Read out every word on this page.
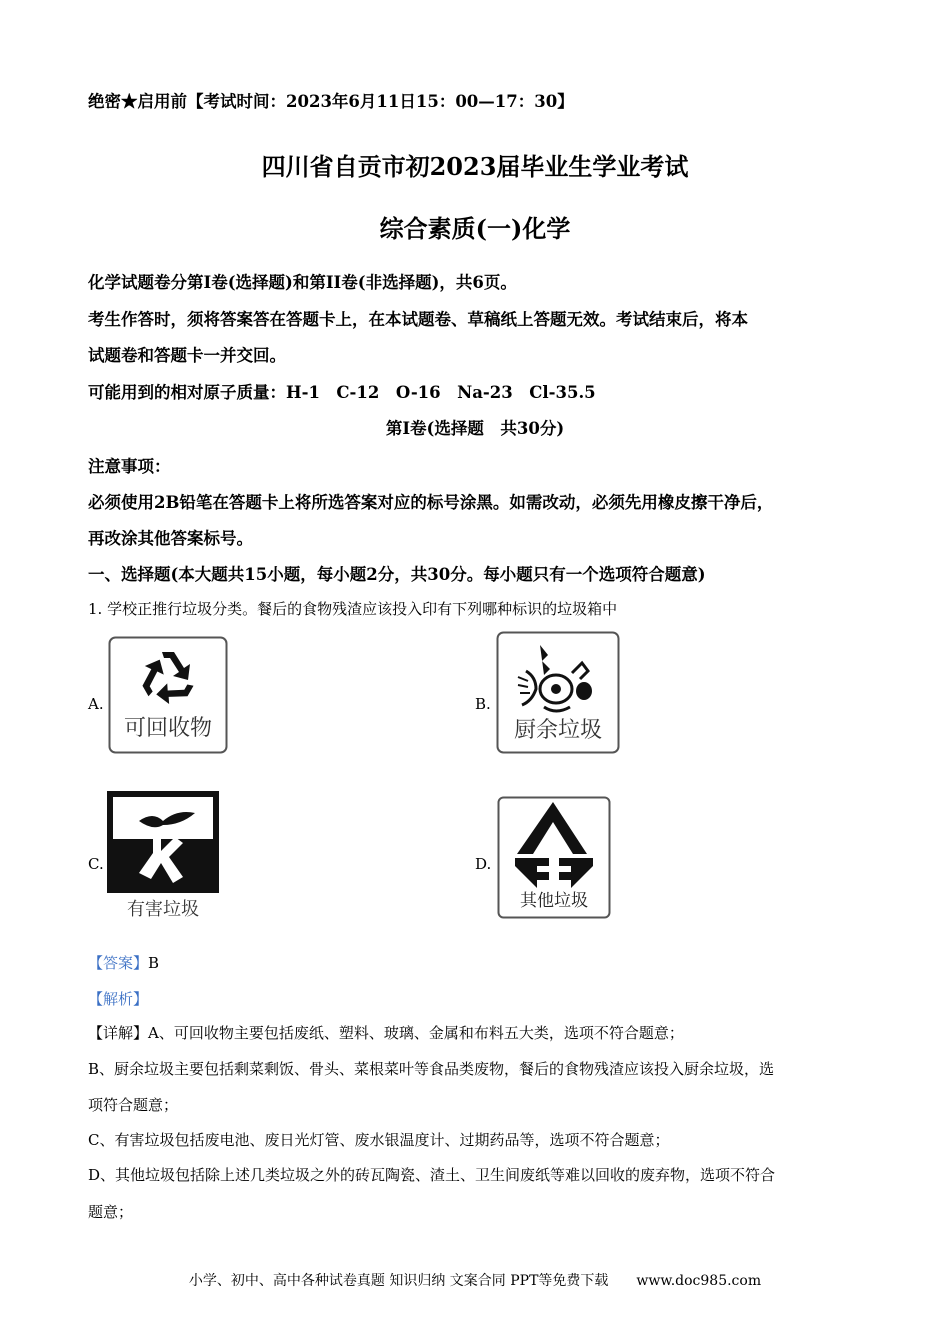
绝密★启用前【考试时间：2023年6月11日15：00—17：30】
四川省自贡市初2023届毕业生学业考试
综合素质(一)化学
化学试题卷分第I卷(选择题)和第II卷(非选择题)，共6页。
考生作答时，须将答案答在答题卡上，在本试题卷、草稿纸上答题无效。考试结束后，将本
试题卷和答题卡一并交回。
可能用到的相对原子质量：H-1　C-12　O-16　Na-23　Cl-35.5
第I卷(选择题　共30分)
注意事项：
必须使用2B铅笔在答题卡上将所选答案对应的标号涂黑。如需改动，必须先用橡皮擦干净后，
再改涂其他答案标号。
一、选择题(本大题共15小题，每小题2分，共30分。每小题只有一个选项符合题意)
1. 学校正推行垃圾分类。餐后的食物残渣应该投入印有下列哪种标识的垃圾箱中
A.
可回收物
B.
厨余垃圾
C.
有害垃圾
D.
其他垃圾
【答案】B
【解析】
【详解】A、可回收物主要包括废纸、塑料、玻璃、金属和布料五大类，选项不符合题意；
B、厨余垃圾主要包括剩菜剩饭、骨头、菜根菜叶等食品类废物，餐后的食物残渣应该投入厨余垃圾，选
项符合题意；
C、有害垃圾包括废电池、废日光灯管、废水银温度计、过期药品等，选项不符合题意；
D、其他垃圾包括除上述几类垃圾之外的砖瓦陶瓷、渣土、卫生间废纸等难以回收的废弃物，选项不符合
题意；
小学、初中、高中各种试卷真题 知识归纳 文案合同 PPT等免费下载　　www.doc985.com
